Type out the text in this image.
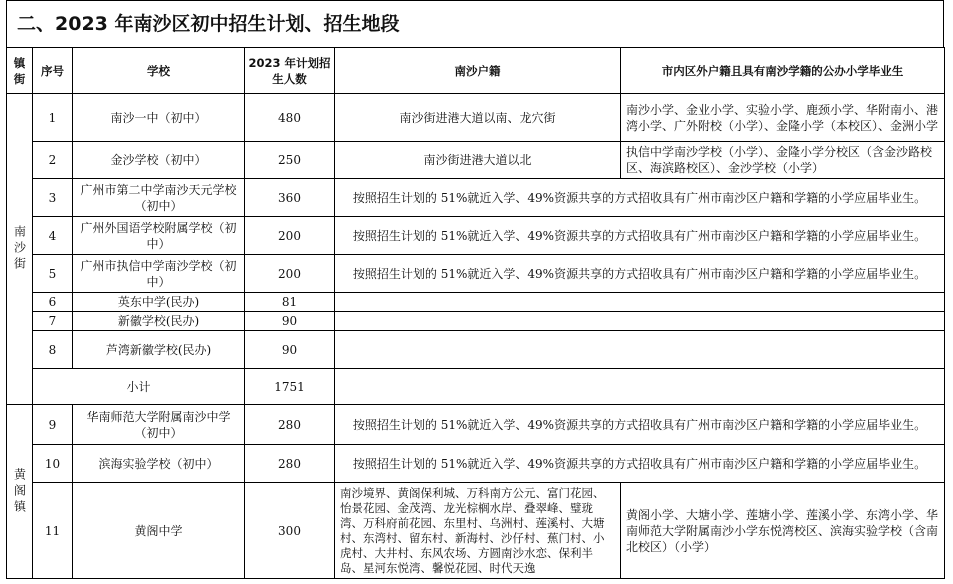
二、2023 年南沙区初中招生计划、招生地段
镇街	序号	学校	2023 年计划招生人数	南沙户籍	市内区外户籍且具有南沙学籍的公办小学毕业生
南沙街	1	南沙一中（初中）	480	南沙街进港大道以南、龙穴街	南沙小学、金业小学、实验小学、鹿颈小学、华附南小、港湾小学、广外附校（小学）、金隆小学（本校区）、金洲小学
	2	金沙学校（初中）	250	南沙街进港大道以北	执信中学南沙学校（小学）、金隆小学分校区（含金沙路校区、海滨路校区）、金沙学校（小学）
	3	广州市第二中学南沙天元学校（初中）	360	按照招生计划的 51%就近入学、49%资源共享的方式招收具有广州市南沙区户籍和学籍的小学应届毕业生。	
	4	广州外国语学校附属学校（初中）	200	按照招生计划的 51%就近入学、49%资源共享的方式招收具有广州市南沙区户籍和学籍的小学应届毕业生。	
	5	广州市执信中学南沙学校（初中）	200	按照招生计划的 51%就近入学、49%资源共享的方式招收具有广州市南沙区户籍和学籍的小学应届毕业生。	
	6	英东中学(民办)	81		
	7	新徽学校(民办)	90		
	8	芦湾新徽学校(民办)	90		
	小计		1751		
黄阁镇	9	华南师范大学附属南沙中学（初中）	280	按照招生计划的 51%就近入学、49%资源共享的方式招收具有广州市南沙区户籍和学籍的小学应届毕业生。	
	10	滨海实验学校（初中）	280	按照招生计划的 51%就近入学、49%资源共享的方式招收具有广州市南沙区户籍和学籍的小学应届毕业生。	
	11	黄阁中学	300	南沙境界、黄阁保利城、万科南方公元、富门花园、怡景花园、金茂湾、龙光棕榈水岸、叠翠峰、璧珑湾、万科府前花园、东里村、乌洲村、莲溪村、大塘村、东湾村、留东村、新海村、沙仔村、蕉门村、小虎村、大井村、东风农场、方圆南沙水恋、保利半岛、星河东悦湾、馨悦花园、时代天逸	黄阁小学、大塘小学、莲塘小学、莲溪小学、东湾小学、华南师范大学附属南沙小学东悦湾校区、滨海实验学校（含南北校区）（小学）
